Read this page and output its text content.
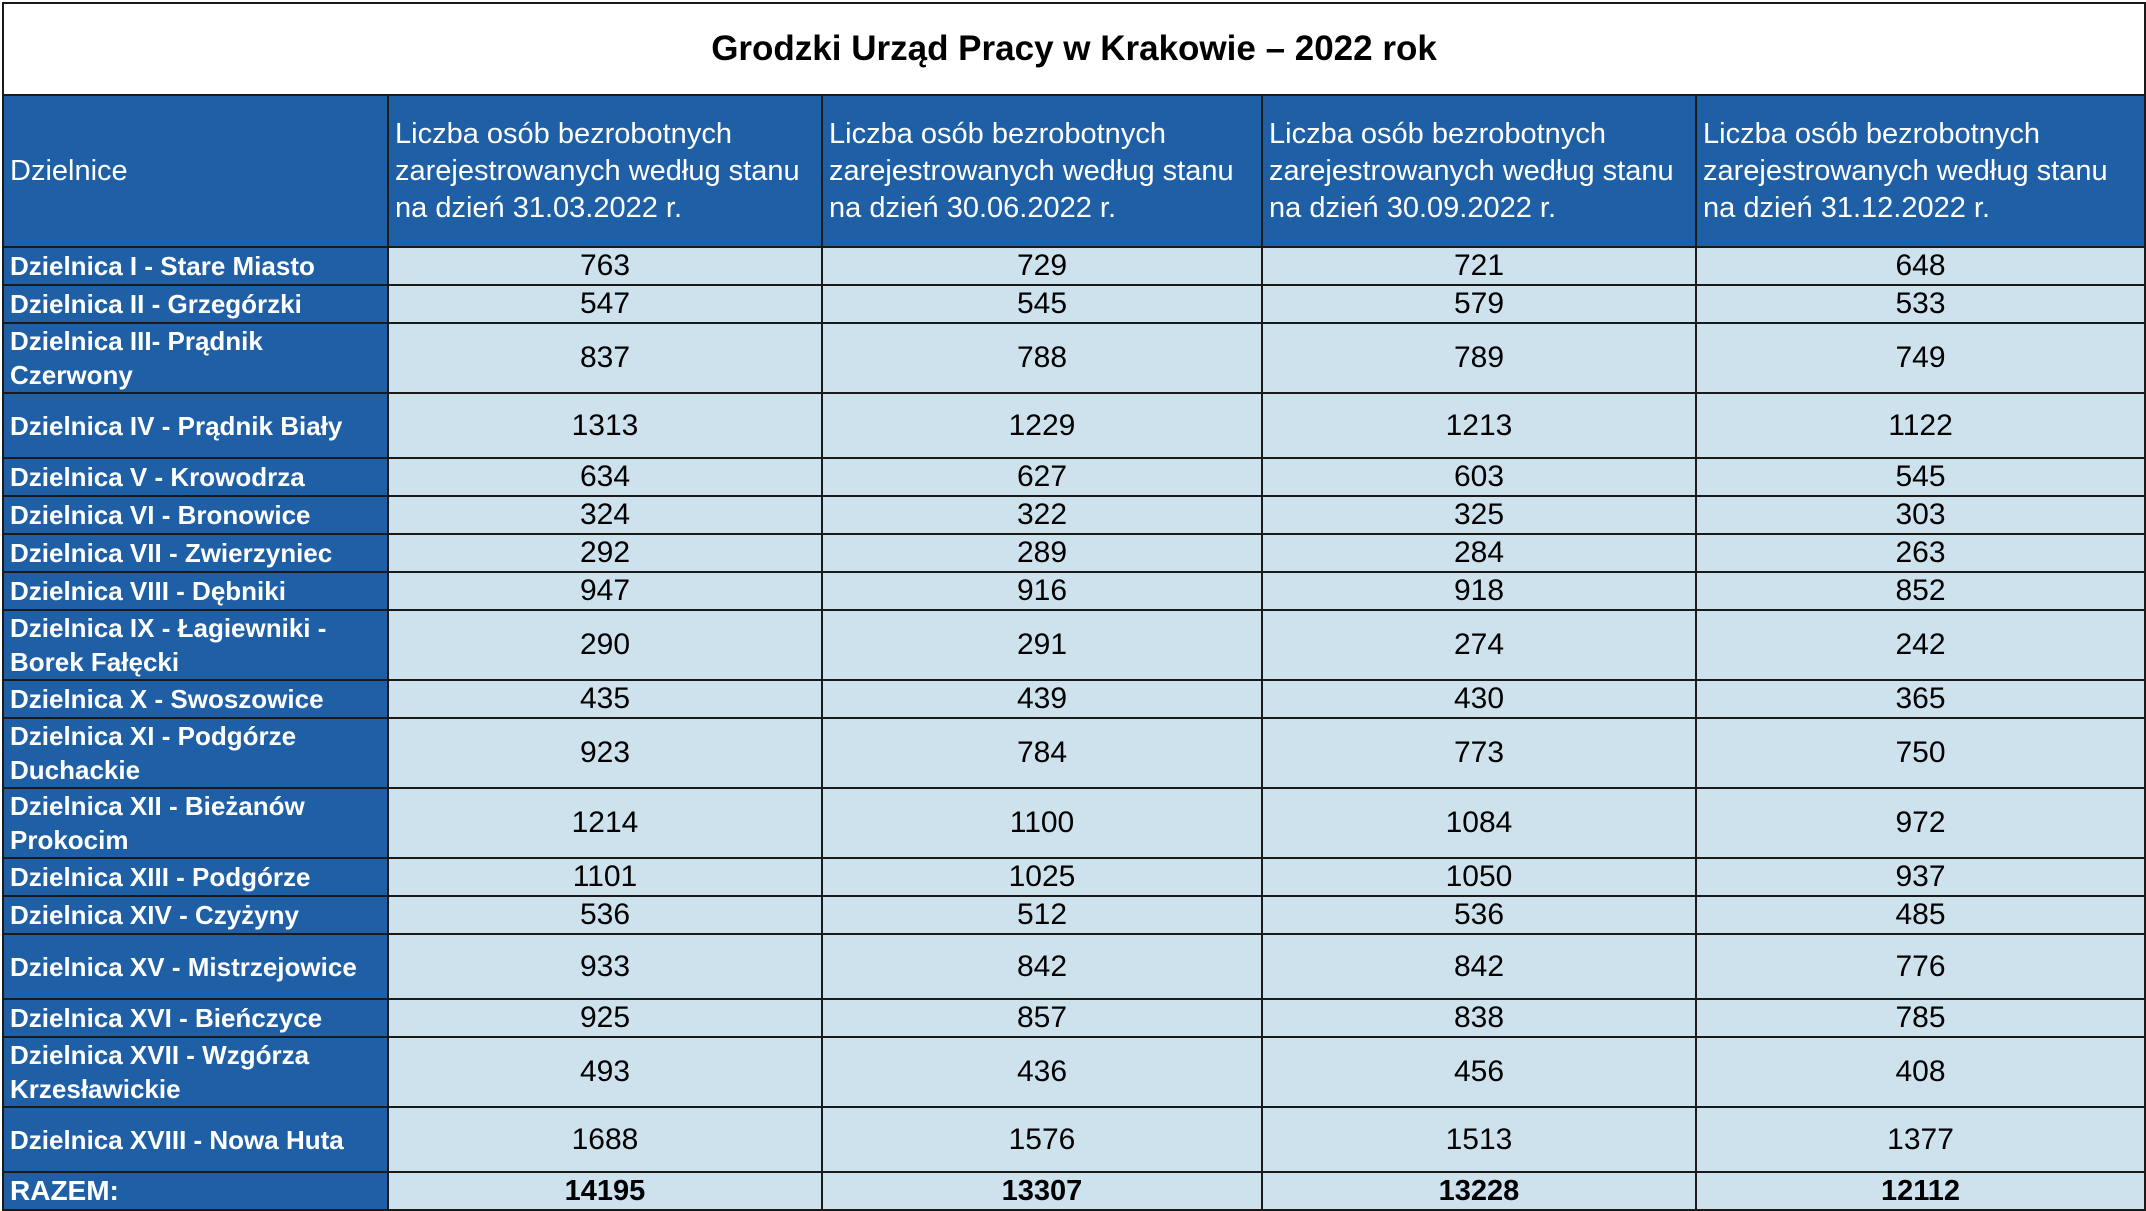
Grodzki Urząd Pracy w Krakowie – 2022 rok				
Dzielnice	Liczba osób bezrobotnych zarejestrowanych według stanu na dzień 31.03.2022 r.	Liczba osób bezrobotnych zarejestrowanych według stanu na dzień 30.06.2022 r.	Liczba osób bezrobotnych zarejestrowanych według stanu na dzień 30.09.2022 r.	Liczba osób bezrobotnych zarejestrowanych według stanu na dzień 31.12.2022 r.
Dzielnica I - Stare Miasto	763	729	721	648
Dzielnica II - Grzegórzki	547	545	579	533
Dzielnica III- Prądnik Czerwony	837	788	789	749
Dzielnica IV - Prądnik Biały	1313	1229	1213	1122
Dzielnica V - Krowodrza	634	627	603	545
Dzielnica VI - Bronowice	324	322	325	303
Dzielnica VII - Zwierzyniec	292	289	284	263
Dzielnica VIII - Dębniki	947	916	918	852
Dzielnica IX - Łagiewniki - Borek Fałęcki	290	291	274	242
Dzielnica X - Swoszowice	435	439	430	365
Dzielnica XI - Podgórze Duchackie	923	784	773	750
Dzielnica XII - Bieżanów Prokocim	1214	1100	1084	972
Dzielnica XIII - Podgórze	1101	1025	1050	937
Dzielnica XIV - Czyżyny	536	512	536	485
Dzielnica XV - Mistrzejowice	933	842	842	776
Dzielnica XVI - Bieńczyce	925	857	838	785
Dzielnica XVII - Wzgórza Krzesławickie	493	436	456	408
Dzielnica XVIII - Nowa Huta	1688	1576	1513	1377
RAZEM:	14195	13307	13228	12112
